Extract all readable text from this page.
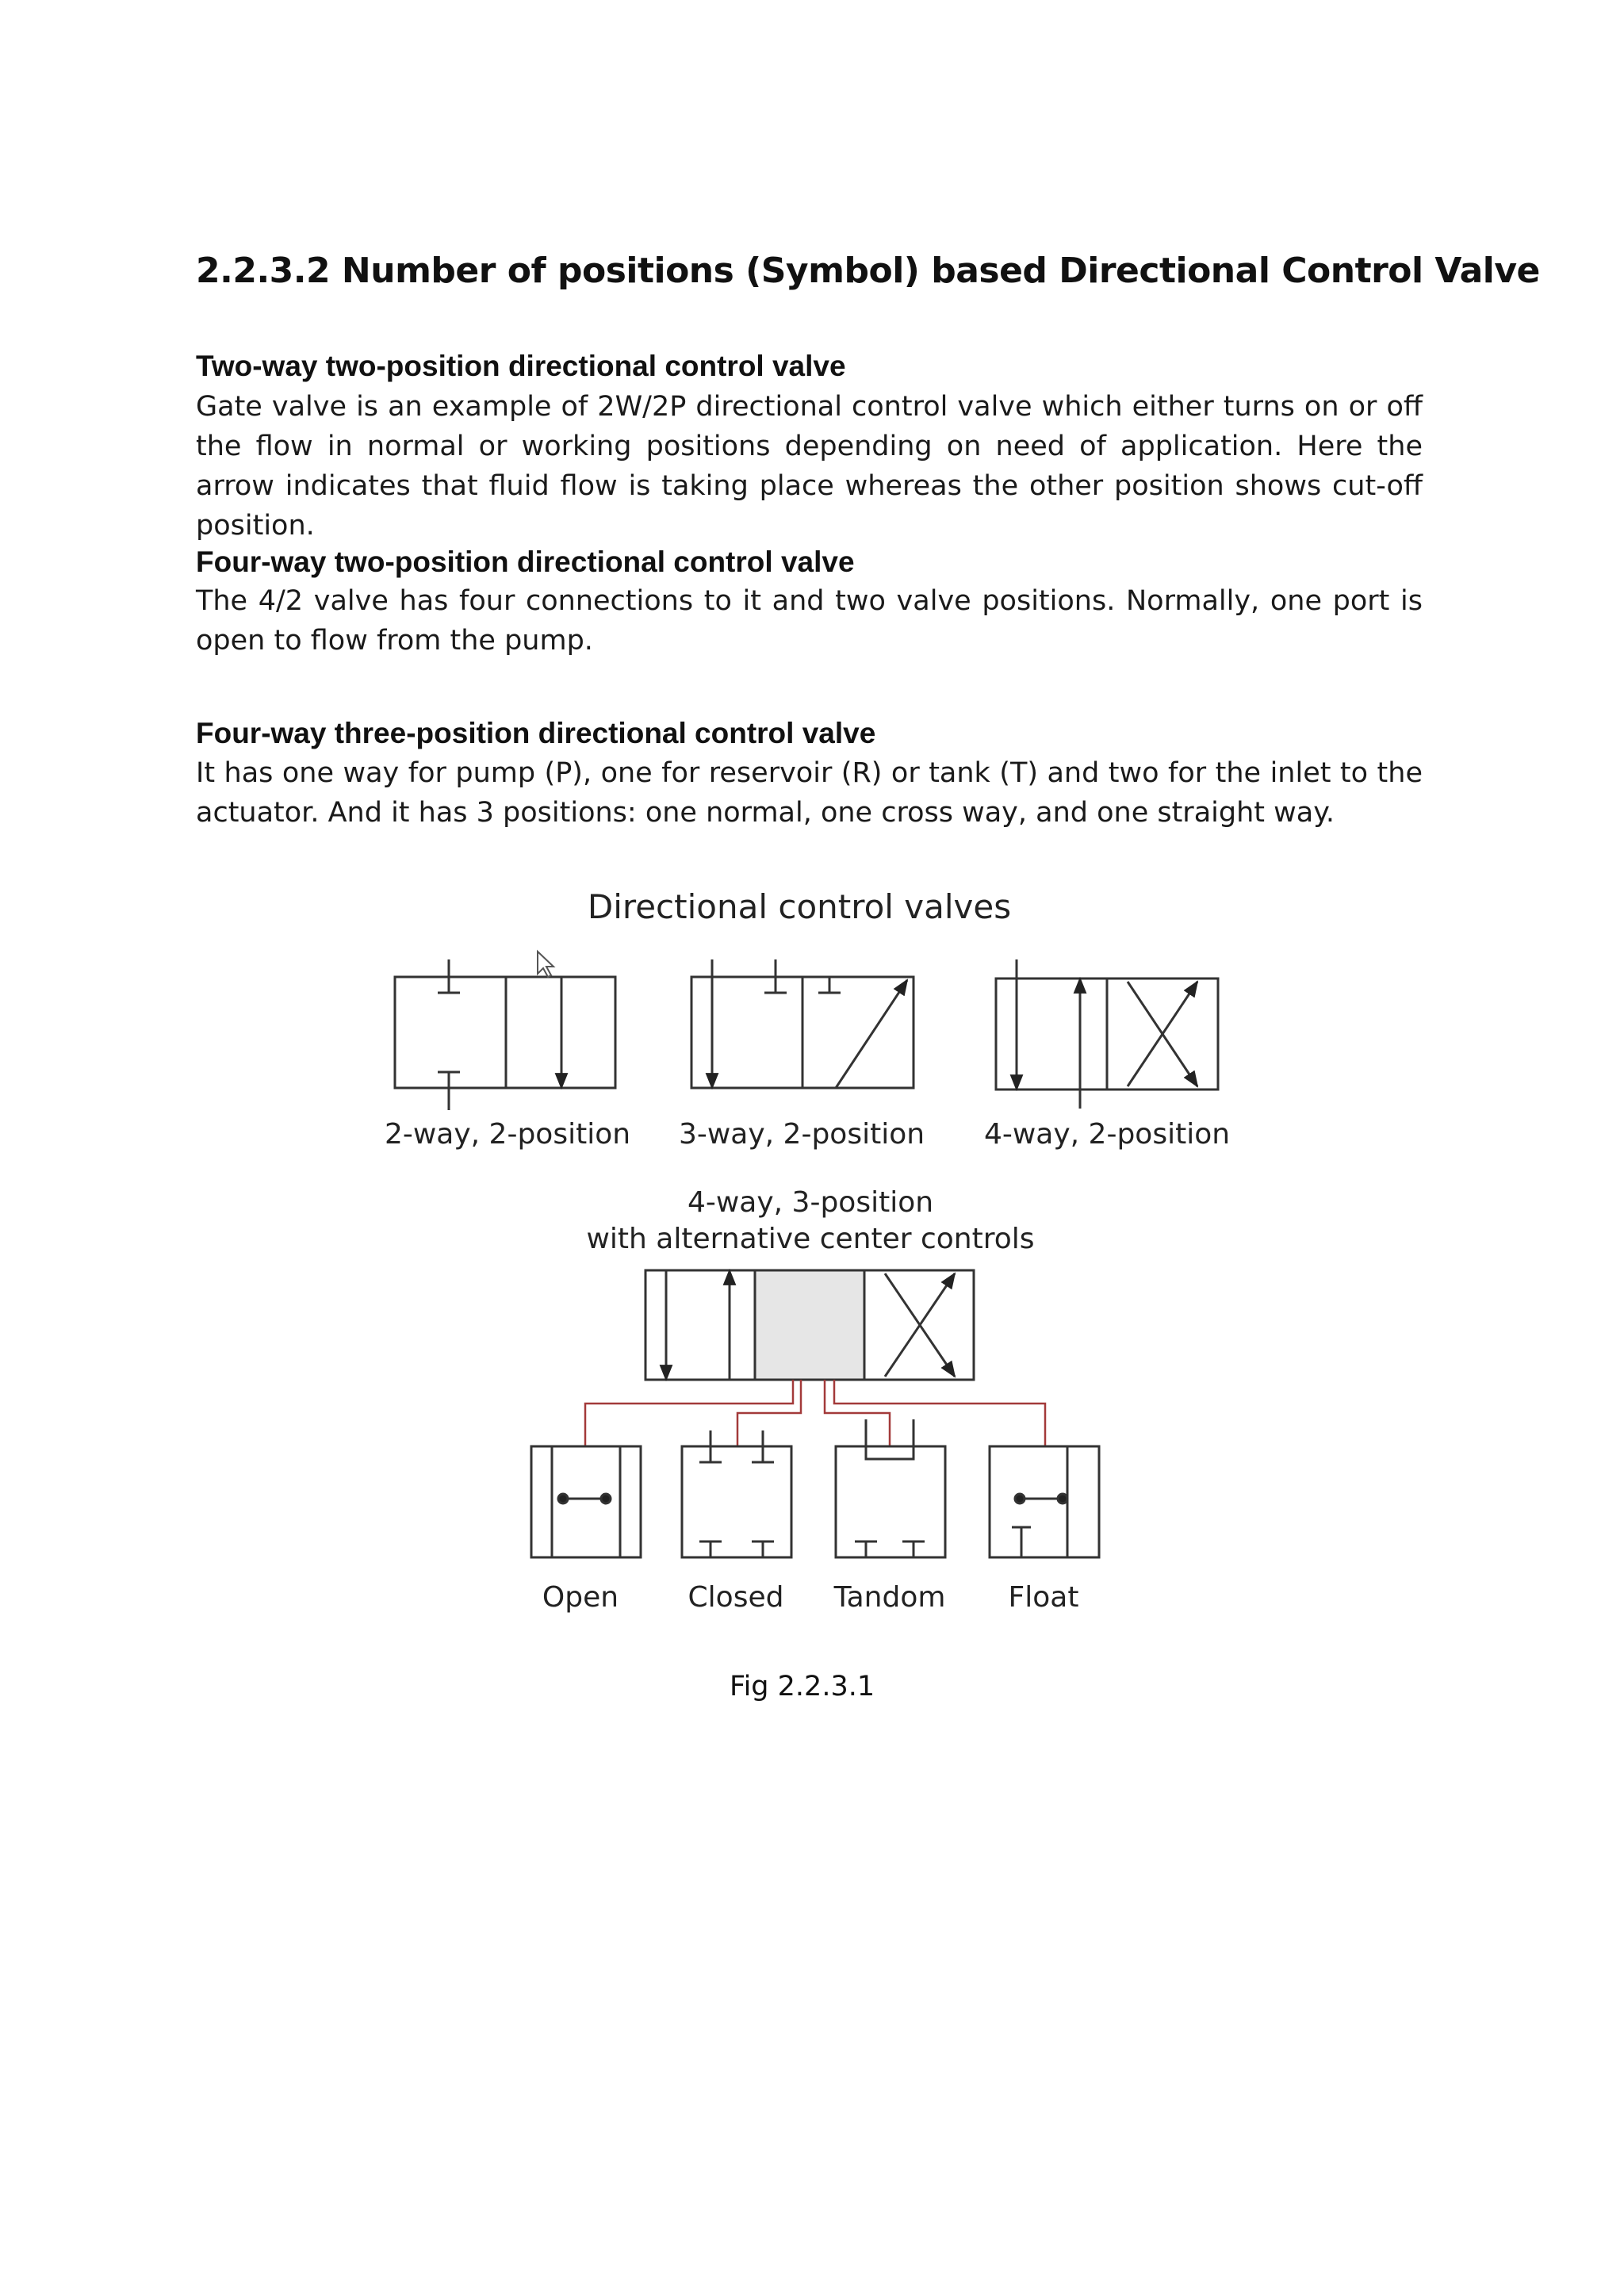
2.2.3.2 Number of positions (Symbol) based Directional Control Valve
Two-way two-position directional control valve

Gate valve is an example of 2W/2P directional control valve which either turns on or off the flow in normal or working positions depending on need of application. Here the arrow indicates that fluid flow is taking place whereas the other position shows cut-off position.

Four-way two-position directional control valve

The 4/2 valve has four connections to it and two valve positions. Normally, one port is open to flow from the pump.

Four-way three-position directional control valve

It has one way for pump (P), one for reservoir (R) or tank (T) and two for the inlet to the actuator. And it has 3 positions: one normal, one cross way, and one straight way.

Directional control valves
2-way, 2-position 3-way, 2-position 4-way, 2-position
4-way, 3-position
with alternative center controls
Open Closed Tandom Float

Fig 2.2.3.1
